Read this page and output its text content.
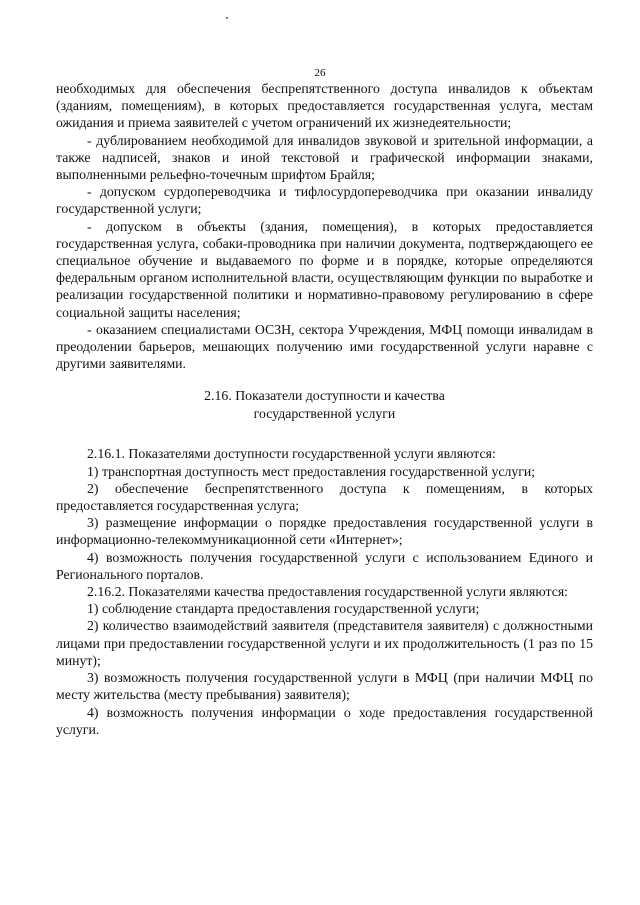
26

необходимых для обеспечения беспрепятственного доступа инвалидов к объектам (зданиям, помещениям), в которых предоставляется государственная услуга, местам ожидания и приема заявителей с учетом ограничений их жизнедеятельности;

- дублированием необходимой для инвалидов звуковой и зрительной информации, а также надписей, знаков и иной текстовой и графической информации знаками, выполненными рельефно-точечным шрифтом Брайля;

- допуском сурдопереводчика и тифлосурдопереводчика при оказании инвалиду государственной услуги;

- допуском в объекты (здания, помещения), в которых предоставляется государственная услуга, собаки-проводника при наличии документа, подтверждающего ее специальное обучение и выдаваемого по форме и в порядке, которые определяются федеральным органом исполнительной власти, осуществляющим функции по выработке и реализации государственной политики и нормативно-правовому регулированию в сфере социальной защиты населения;

- оказанием специалистами ОСЗН, сектора Учреждения, МФЦ помощи инвалидам в преодолении барьеров, мешающих получению ими государственной услуги наравне с другими заявителями.

2.16. Показатели доступности и качества
государственной услуги

2.16.1. Показателями доступности государственной услуги являются:

1) транспортная доступность мест предоставления государственной услуги;

2) обеспечение беспрепятственного доступа к помещениям, в которых предоставляется государственная услуга;

3) размещение информации о порядке предоставления государственной услуги в информационно-телекоммуникационной сети «Интернет»;

4) возможность получения государственной услуги с использованием Единого и Регионального порталов.

2.16.2. Показателями качества предоставления государственной услуги являются:

1) соблюдение стандарта предоставления государственной услуги;

2) количество взаимодействий заявителя (представителя заявителя) с должностными лицами при предоставлении государственной услуги и их продолжительность (1 раз по 15 минут);

3) возможность получения государственной услуги в МФЦ (при наличии МФЦ по месту жительства (месту пребывания) заявителя);

4) возможность получения информации о ходе предоставления государственной услуги.
